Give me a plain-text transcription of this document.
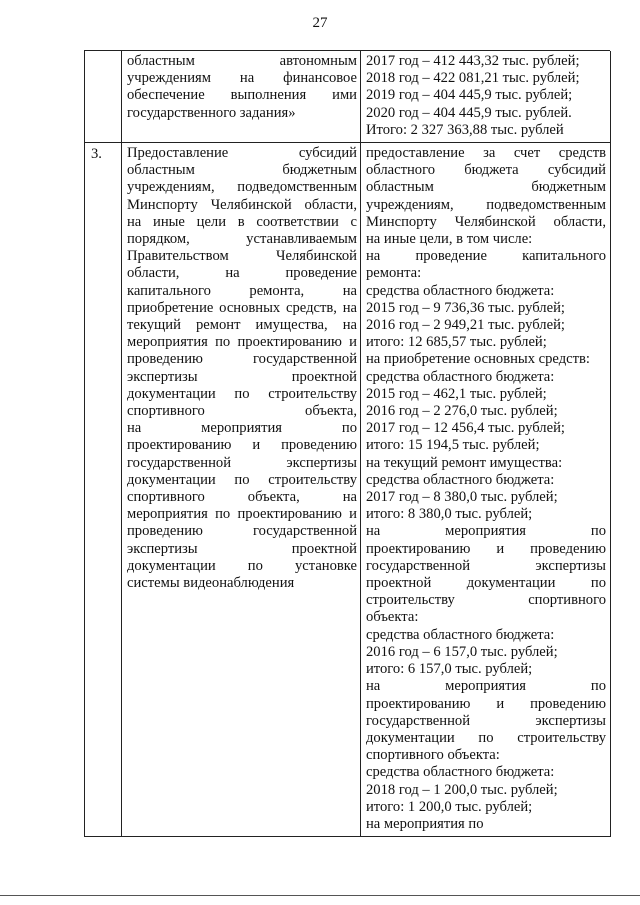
27
областным автономным
учреждениям на финансовое
обеспечение выполнения ими
государственного задания»
2017 год – 412 443,32 тыс. рублей;
2018 год – 422 081,21 тыс. рублей;
2019 год – 404 445,9 тыс. рублей;
2020 год – 404 445,9 тыс. рублей.
Итого: 2 327 363,88 тыс. рублей
3.	Предоставление субсидий
областным бюджетным
учреждениям, подведомственным
Минспорту Челябинской области,
на иные цели в соответствии с
порядком, устанавливаемым
Правительством Челябинской
области, на проведение
капитального ремонта, на
приобретение основных средств, на
текущий ремонт имущества, на
мероприятия по проектированию и
проведению государственной
экспертизы проектной
документации по строительству
спортивного объекта,
на мероприятия по
проектированию и проведению
государственной экспертизы
документации по строительству
спортивного объекта, на
мероприятия по проектированию и
проведению государственной
экспертизы проектной
документации по установке
системы видеонаблюдения
предоставление за счет средств
областного бюджета субсидий
областным бюджетным
учреждениям, подведомственным
Минспорту Челябинской области,
на иные цели, в том числе:
на проведение капитального
ремонта:
средства областного бюджета:
2015 год – 9 736,36 тыс. рублей;
2016 год – 2 949,21 тыс. рублей;
итого: 12 685,57 тыс. рублей;
на приобретение основных средств:
средства областного бюджета:
2015 год – 462,1 тыс. рублей;
2016 год – 2 276,0 тыс. рублей;
2017 год – 12 456,4 тыс. рублей;
итого: 15 194,5 тыс. рублей;
на текущий ремонт имущества:
средства областного бюджета:
2017 год – 8 380,0 тыс. рублей;
итого: 8 380,0 тыс. рублей;
на мероприятия по
проектированию и проведению
государственной экспертизы
проектной документации по
строительству спортивного
объекта:
средства областного бюджета:
2016 год – 6 157,0 тыс. рублей;
итого: 6 157,0 тыс. рублей;
на мероприятия по
проектированию и проведению
государственной экспертизы
документации по строительству
спортивного объекта:
средства областного бюджета:
2018 год – 1 200,0 тыс. рублей;
итого: 1 200,0 тыс. рублей;
на мероприятия по
